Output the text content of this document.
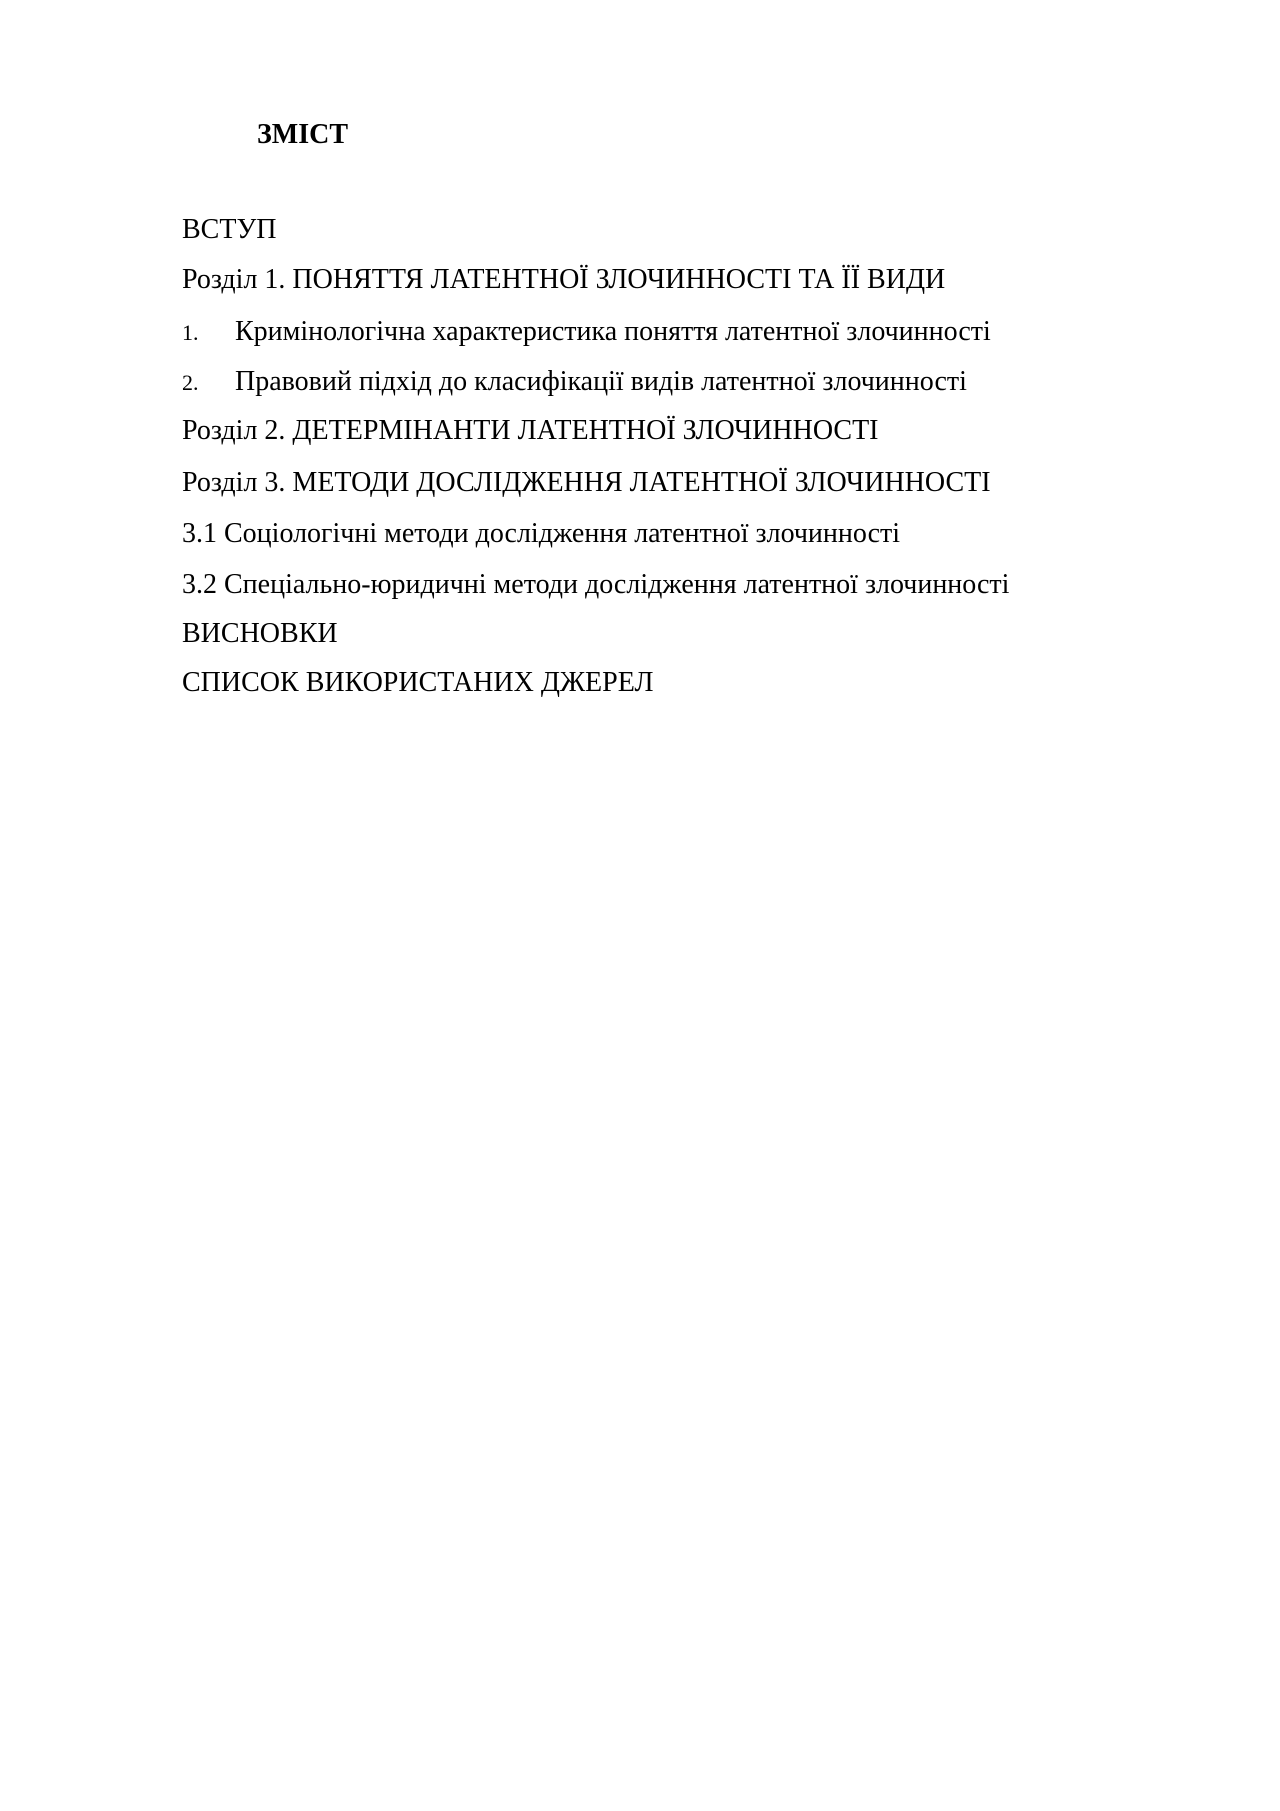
ЗМІСТ
ВСТУП
Розділ 1. ПОНЯТТЯ ЛАТЕНТНОЇ ЗЛОЧИННОСТІ ТА ЇЇ ВИДИ
1. Кримінологічна характеристика поняття латентної злочинності
2. Правовий підхід до класифікації видів латентної злочинності
Розділ 2. ДЕТЕРМІНАНТИ ЛАТЕНТНОЇ ЗЛОЧИННОСТІ
Розділ 3. МЕТОДИ ДОСЛІДЖЕННЯ ЛАТЕНТНОЇ ЗЛОЧИННОСТІ
3.1 Соціологічні методи дослідження латентної злочинності
3.2 Спеціально-юридичні методи дослідження латентної злочинності
ВИСНОВКИ
СПИСОК ВИКОРИСТАНИХ ДЖЕРЕЛ
